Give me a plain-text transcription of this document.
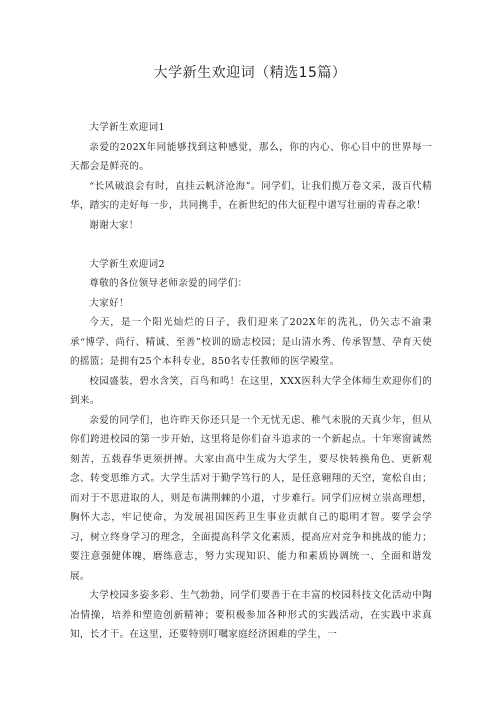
大学新生欢迎词（精选15篇）

大学新生欢迎词1

亲爱的202X年同能够找到这种感觉，那么，你的内心、你心目中的世界每一天都会是鲜亮的。

“长风破浪会有时，直挂云帆济沧海”。同学们，让我们揽万卷文采，汲百代精华，踏实的走好每一步，共同携手，在新世纪的伟大征程中谱写壮丽的青春之歌！

谢谢大家！

大学新生欢迎词2

尊敬的各位领导老师亲爱的同学们：

大家好！

今天，是一个阳光灿烂的日子，我们迎来了202X年的洗礼，仍矢志不渝秉承“博学、尚行、精诚、至善”校训的励志校园；是山清水秀、传承智慧、孕育天使的摇篮；是拥有25个本科专业，850名专任教师的医学殿堂。

校园盛装，碧水含笑，百鸟和鸣！在这里，XXX医科大学全体师生欢迎你们的到来。

亲爱的同学们，也许昨天你还只是一个无忧无虑、稚气未脱的天真少年，但从你们跨进校园的第一步开始，这里将是你们奋斗追求的一个新起点。十年寒窗诚然刻苦，五载春华更须拼搏。大家由高中生成为大学生，要尽快转换角色、更新观念、转变思维方式。大学生活对于勤学笃行的人，是任意翱翔的天空，宽松自由；而对于不思进取的人，则是布满荆棘的小道，寸步难行。同学们应树立崇高理想，胸怀大志，牢记使命，为发展祖国医药卫生事业贡献自己的聪明才智。要学会学习，树立终身学习的理念，全面提高科学文化素质，提高应对竞争和挑战的能力；要注意强健体魄，磨练意志，努力实现知识、能力和素质协调统一、全面和谐发展。

大学校园多姿多彩、生气勃勃，同学们要善于在丰富的校园科技文化活动中陶冶情操，培养和塑造创新精神；要积极参加各种形式的实践活动，在实践中求真知，长才干。在这里，还要特别叮嘱家庭经济困难的学生，一
